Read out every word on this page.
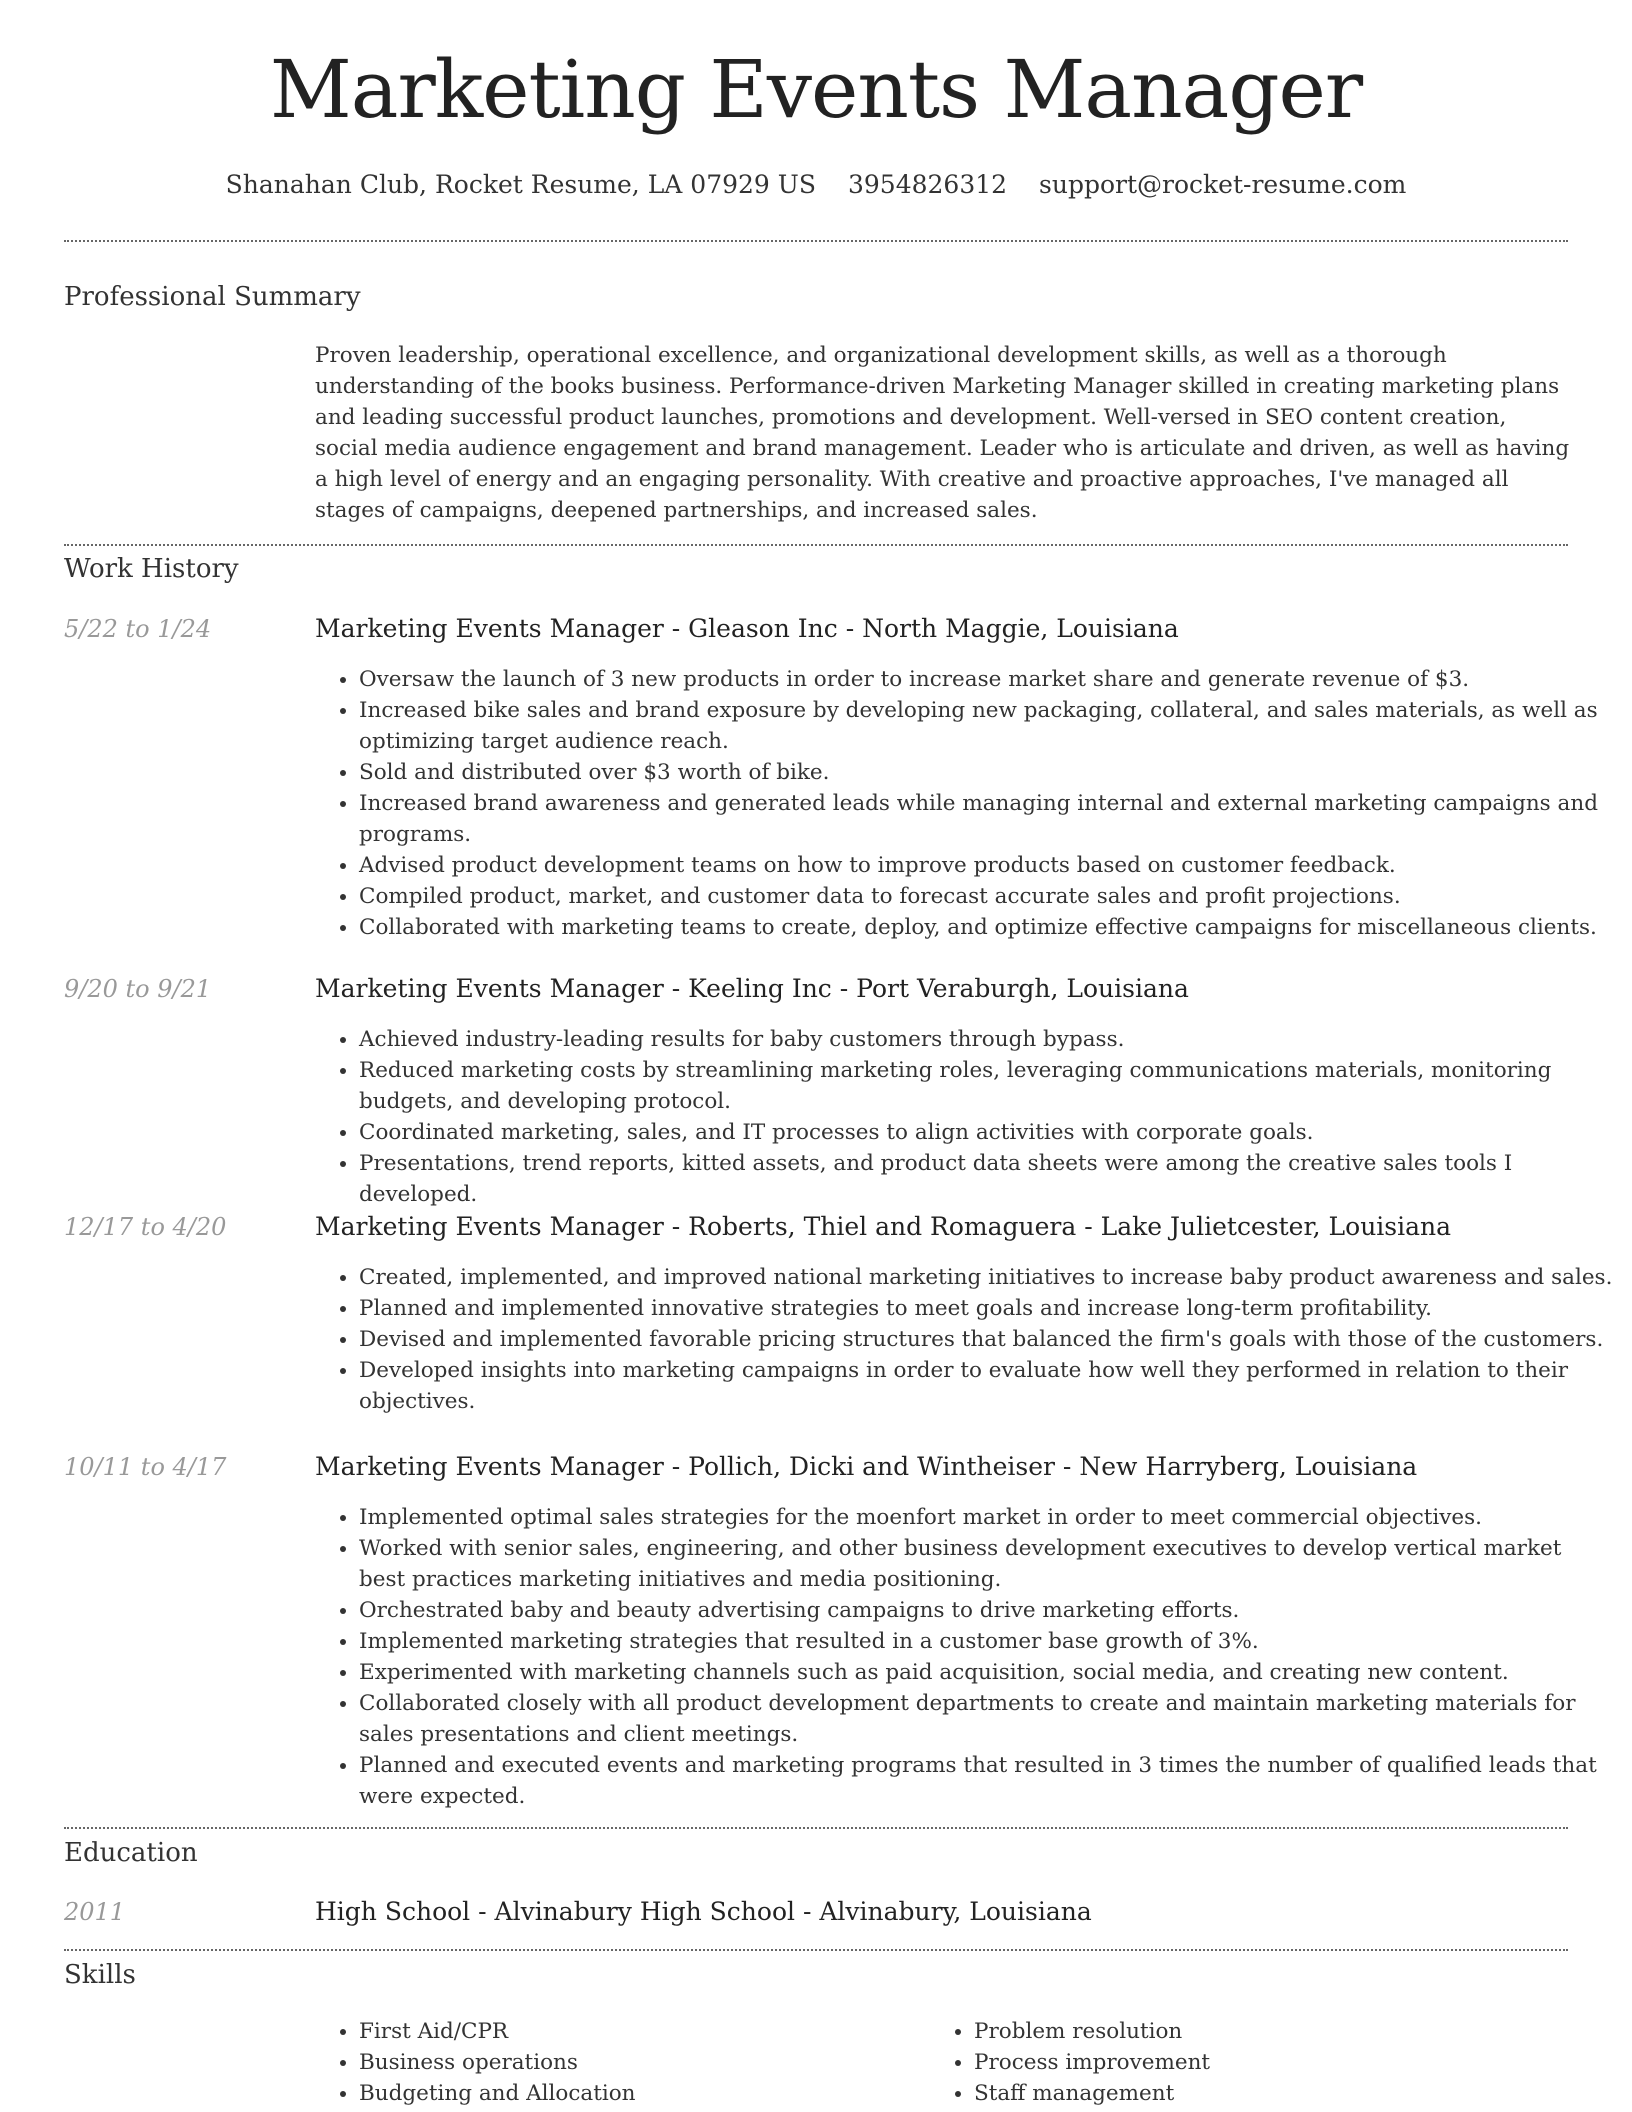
Marketing Events Manager
Shanahan Club, Rocket Resume, LA 07929 US 3954826312 support@rocket-resume.com
Professional Summary
Proven leadership, operational excellence, and organizational development skills, as well as a thorough understanding of the books business. Performance-driven Marketing Manager skilled in creating marketing plans and leading successful product launches, promotions and development. Well-versed in SEO content creation, social media audience engagement and brand management. Leader who is articulate and driven, as well as having a high level of energy and an engaging personality. With creative and proactive approaches, I've managed all stages of campaigns, deepened partnerships, and increased sales.
Work History
5/22 to 1/24	Marketing Events Manager - Gleason Inc - North Maggie, Louisiana
• Oversaw the launch of 3 new products in order to increase market share and generate revenue of $3.
• Increased bike sales and brand exposure by developing new packaging, collateral, and sales materials, as well as optimizing target audience reach.
• Sold and distributed over $3 worth of bike.
• Increased brand awareness and generated leads while managing internal and external marketing campaigns and programs.
• Advised product development teams on how to improve products based on customer feedback.
• Compiled product, market, and customer data to forecast accurate sales and profit projections.
• Collaborated with marketing teams to create, deploy, and optimize effective campaigns for miscellaneous clients.
9/20 to 9/21	Marketing Events Manager - Keeling Inc - Port Veraburgh, Louisiana
• Achieved industry-leading results for baby customers through bypass.
• Reduced marketing costs by streamlining marketing roles, leveraging communications materials, monitoring budgets, and developing protocol.
• Coordinated marketing, sales, and IT processes to align activities with corporate goals.
• Presentations, trend reports, kitted assets, and product data sheets were among the creative sales tools I developed.
12/17 to 4/20	Marketing Events Manager - Roberts, Thiel and Romaguera - Lake Julietcester, Louisiana
• Created, implemented, and improved national marketing initiatives to increase baby product awareness and sales.
• Planned and implemented innovative strategies to meet goals and increase long-term profitability.
• Devised and implemented favorable pricing structures that balanced the firm's goals with those of the customers.
• Developed insights into marketing campaigns in order to evaluate how well they performed in relation to their objectives.
10/11 to 4/17	Marketing Events Manager - Pollich, Dicki and Wintheiser - New Harryberg, Louisiana
• Implemented optimal sales strategies for the moenfort market in order to meet commercial objectives.
• Worked with senior sales, engineering, and other business development executives to develop vertical market best practices marketing initiatives and media positioning.
• Orchestrated baby and beauty advertising campaigns to drive marketing efforts.
• Implemented marketing strategies that resulted in a customer base growth of 3%.
• Experimented with marketing channels such as paid acquisition, social media, and creating new content.
• Collaborated closely with all product development departments to create and maintain marketing materials for sales presentations and client meetings.
• Planned and executed events and marketing programs that resulted in 3 times the number of qualified leads that were expected.
Education
2011	High School - Alvinabury High School - Alvinabury, Louisiana
Skills
• First Aid/CPR
• Business operations
• Budgeting and Allocation
• Problem resolution
• Process improvement
• Staff management
